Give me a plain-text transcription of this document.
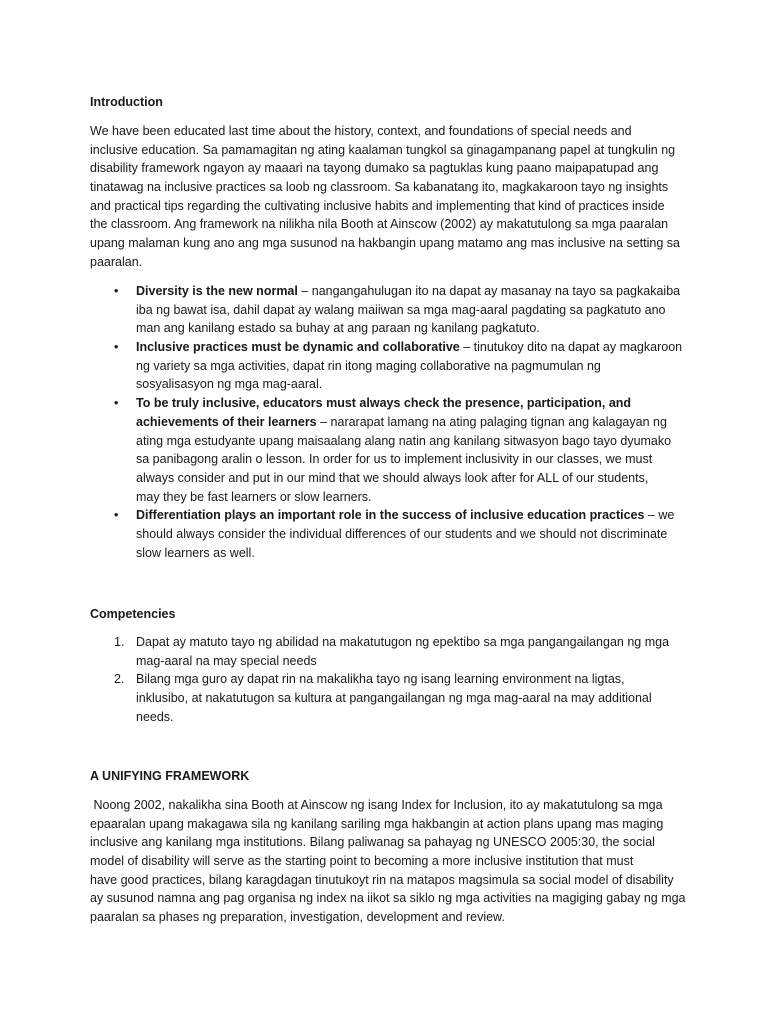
Introduction
We have been educated last time about the history, context, and foundations of special needs and
inclusive education. Sa pamamagitan ng ating kaalaman tungkol sa ginagampanang papel at tungkulin ng
disability framework ngayon ay maaari na tayong dumako sa pagtuklas kung paano maipapatupad ang
tinatawag na inclusive practices sa loob ng classroom. Sa kabanatang ito, magkakaroon tayo ng insights
and practical tips regarding the cultivating inclusive habits and implementing that kind of practices inside
the classroom. Ang framework na nilikha nila Booth at Ainscow (2002) ay makatutulong sa mga paaralan
upang malaman kung ano ang mga susunod na hakbangin upang matamo ang mas inclusive na setting sa
paaralan.
• Diversity is the new normal – nangangahulugan ito na dapat ay masanay na tayo sa pagkakaiba
iba ng bawat isa, dahil dapat ay walang maiiwan sa mga mag-aaral pagdating sa pagkatuto ano
man ang kanilang estado sa buhay at ang paraan ng kanilang pagkatuto.
• Inclusive practices must be dynamic and collaborative – tinutukoy dito na dapat ay magkaroon
ng variety sa mga activities, dapat rin itong maging collaborative na pagmumulan ng
sosyalisasyon ng mga mag-aaral.
• To be truly inclusive, educators must always check the presence, participation, and
achievements of their learners – nararapat lamang na ating palaging tignan ang kalagayan ng
ating mga estudyante upang maisaalang alang natin ang kanilang sitwasyon bago tayo dyumako
sa panibagong aralin o lesson. In order for us to implement inclusivity in our classes, we must
always consider and put in our mind that we should always look after for ALL of our students,
may they be fast learners or slow learners.
• Differentiation plays an important role in the success of inclusive education practices – we
should always consider the individual differences of our students and we should not discriminate
slow learners as well.
Competencies
1. Dapat ay matuto tayo ng abilidad na makatutugon ng epektibo sa mga pangangailangan ng mga
mag-aaral na may special needs
2. Bilang mga guro ay dapat rin na makalikha tayo ng isang learning environment na ligtas,
inklusibo, at nakatutugon sa kultura at pangangailangan ng mga mag-aaral na may additional
needs.
A UNIFYING FRAMEWORK
Noong 2002, nakalikha sina Booth at Ainscow ng isang Index for Inclusion, ito ay makatutulong sa mga
epaaralan upang makagawa sila ng kanilang sariling mga hakbangin at action plans upang mas maging
inclusive ang kanilang mga institutions. Bilang paliwanag sa pahayag ng UNESCO 2005:30, the social
model of disability will serve as the starting point to becoming a more inclusive institution that must
have good practices, bilang karagdagan tinutukoyt rin na matapos magsimula sa social model of disability
ay susunod namna ang pag organisa ng index na iikot sa siklo ng mga activities na magiging gabay ng mga
paaralan sa phases ng preparation, investigation, development and review.
